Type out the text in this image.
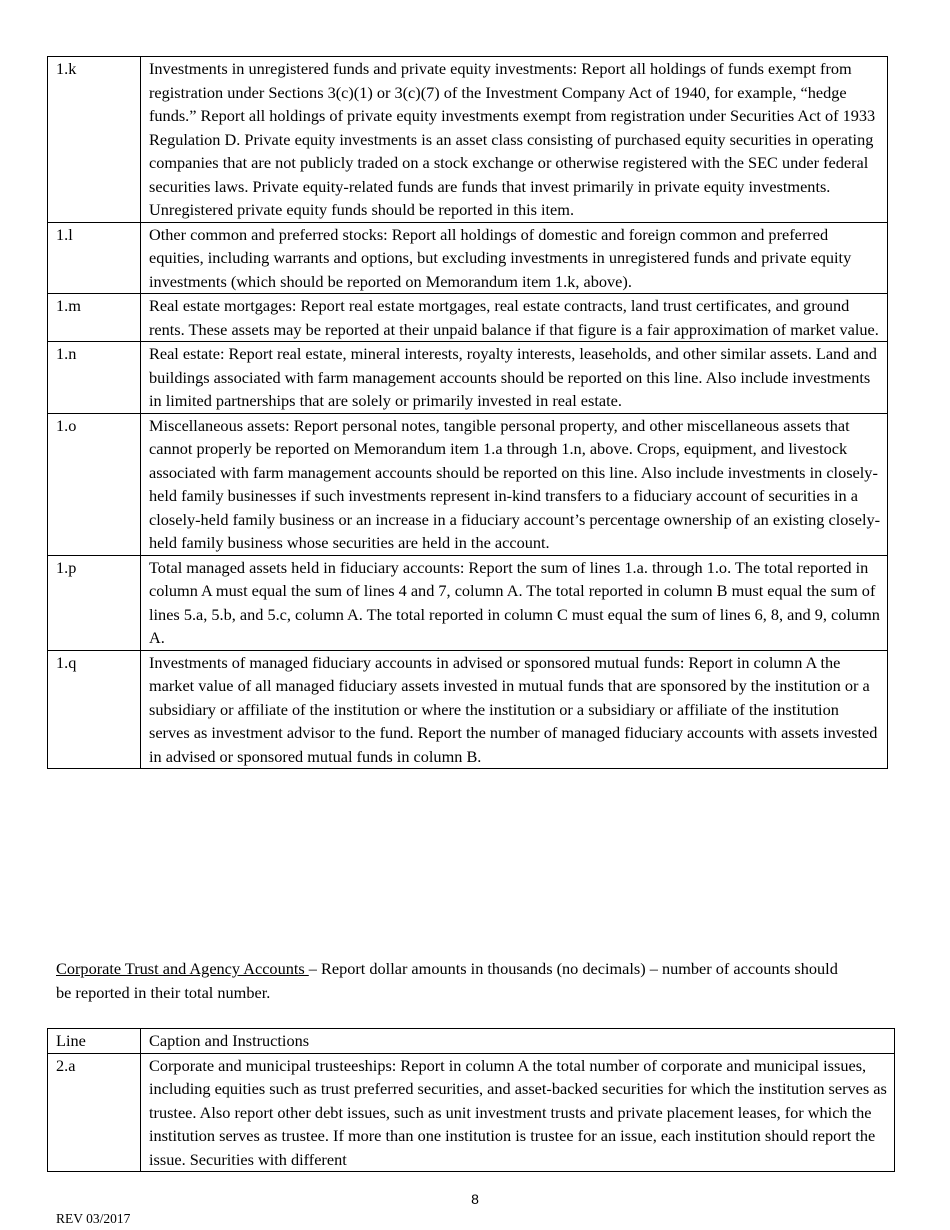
1.k	Investments in unregistered funds and private equity investments: Report all holdings of funds exempt from registration under Sections 3(c)(1) or 3(c)(7) of the Investment Company Act of 1940, for example, “hedge funds.” Report all holdings of private equity investments exempt from registration under Securities Act of 1933 Regulation D. Private equity investments is an asset class consisting of purchased equity securities in operating companies that are not publicly traded on a stock exchange or otherwise registered with the SEC under federal securities laws. Private equity-related funds are funds that invest primarily in private equity investments. Unregistered private equity funds should be reported in this item.
1.l	Other common and preferred stocks: Report all holdings of domestic and foreign common and preferred equities, including warrants and options, but excluding investments in unregistered funds and private equity investments (which should be reported on Memorandum item 1.k, above).
1.m	Real estate mortgages: Report real estate mortgages, real estate contracts, land trust certificates, and ground rents. These assets may be reported at their unpaid balance if that figure is a fair approximation of market value.
1.n	Real estate: Report real estate, mineral interests, royalty interests, leaseholds, and other similar assets. Land and buildings associated with farm management accounts should be reported on this line. Also include investments in limited partnerships that are solely or primarily invested in real estate.
1.o	Miscellaneous assets: Report personal notes, tangible personal property, and other miscellaneous assets that cannot properly be reported on Memorandum item 1.a through 1.n, above. Crops, equipment, and livestock associated with farm management accounts should be reported on this line. Also include investments in closely-held family businesses if such investments represent in-kind transfers to a fiduciary account of securities in a closely-held family business or an increase in a fiduciary account’s percentage ownership of an existing closely-held family business whose securities are held in the account.
1.p	Total managed assets held in fiduciary accounts: Report the sum of lines 1.a. through 1.o. The total reported in column A must equal the sum of lines 4 and 7, column A. The total reported in column B must equal the sum of lines 5.a, 5.b, and 5.c, column A. The total reported in column C must equal the sum of lines 6, 8, and 9, column A.
1.q	Investments of managed fiduciary accounts in advised or sponsored mutual funds: Report in column A the market value of all managed fiduciary assets invested in mutual funds that are sponsored by the institution or a subsidiary or affiliate of the institution or where the institution or a subsidiary or affiliate of the institution serves as investment advisor to the fund. Report the number of managed fiduciary accounts with assets invested in advised or sponsored mutual funds in column B.

Corporate Trust and Agency Accounts – Report dollar amounts in thousands (no decimals) – number of accounts should be reported in their total number.

Line	Caption and Instructions
2.a	Corporate and municipal trusteeships: Report in column A the total number of corporate and municipal issues, including equities such as trust preferred securities, and asset-backed securities for which the institution serves as trustee. Also report other debt issues, such as unit investment trusts and private placement leases, for which the institution serves as trustee. If more than one institution is trustee for an issue, each institution should report the issue. Securities with different
8
REV 03/2017
